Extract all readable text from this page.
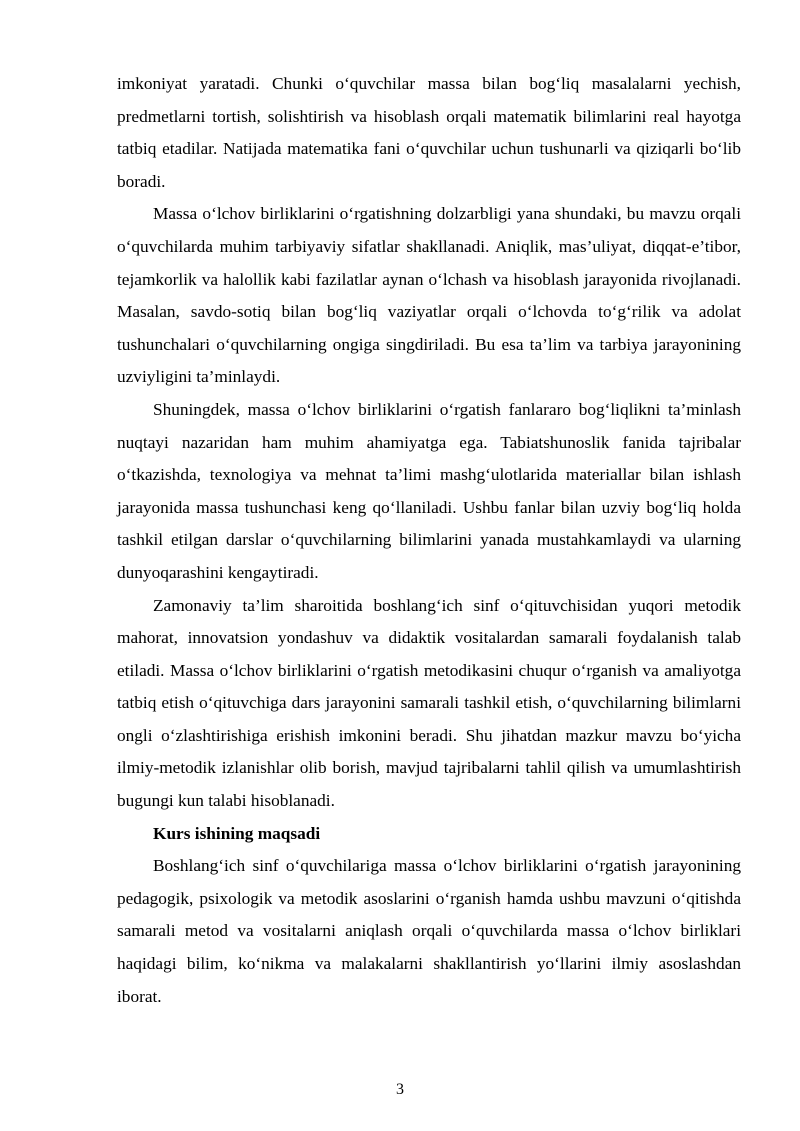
imkoniyat yaratadi. Chunki o‘quvchilar massa bilan bog‘liq masalalarni yechish, predmetlarni tortish, solishtirish va hisoblash orqali matematik bilimlarini real hayotga tatbiq etadilar. Natijada matematika fani o‘quvchilar uchun tushunarli va qiziqarli bo‘lib boradi.

Massa o‘lchov birliklarini o‘rgatishning dolzarbligi yana shundaki, bu mavzu orqali o‘quvchilarda muhim tarbiyaviy sifatlar shakllanadi. Aniqlik, mas’uliyat, diqqat-e’tibor, tejamkorlik va halollik kabi fazilatlar aynan o‘lchash va hisoblash jarayonida rivojlanadi. Masalan, savdo-sotiq bilan bog‘liq vaziyatlar orqali o‘lchovda to‘g‘rilik va adolat tushunchalari o‘quvchilarning ongiga singdiriladi. Bu esa ta’lim va tarbiya jarayonining uzviyligini ta’minlaydi.

Shuningdek, massa o‘lchov birliklarini o‘rgatish fanlararo bog‘liqlikni ta’minlash nuqtayi nazaridan ham muhim ahamiyatga ega. Tabiatshunoslik fanida tajribalar o‘tkazishda, texnologiya va mehnat ta’limi mashg‘ulotlarida materiallar bilan ishlash jarayonida massa tushunchasi keng qo‘llaniladi. Ushbu fanlar bilan uzviy bog‘liq holda tashkil etilgan darslar o‘quvchilarning bilimlarini yanada mustahkamlaydi va ularning dunyoqarashini kengaytiradi.

Zamonaviy ta’lim sharoitida boshlang‘ich sinf o‘qituvchisidan yuqori metodik mahorat, innovatsion yondashuv va didaktik vositalardan samarali foydalanish talab etiladi. Massa o‘lchov birliklarini o‘rgatish metodikasini chuqur o‘rganish va amaliyotga tatbiq etish o‘qituvchiga dars jarayonini samarali tashkil etish, o‘quvchilarning bilimlarni ongli o‘zlashtirishiga erishish imkonini beradi. Shu jihatdan mazkur mavzu bo‘yicha ilmiy-metodik izlanishlar olib borish, mavjud tajribalarni tahlil qilish va umumlashtirish bugungi kun talabi hisoblanadi.

Kurs ishining maqsadi

Boshlang‘ich sinf o‘quvchilariga massa o‘lchov birliklarini o‘rgatish jarayonining pedagogik, psixologik va metodik asoslarini o‘rganish hamda ushbu mavzuni o‘qitishda samarali metod va vositalarni aniqlash orqali o‘quvchilarda massa o‘lchov birliklari haqidagi bilim, ko‘nikma va malakalarni shakllantirish yo‘llarini ilmiy asoslashdan iborat.

3
